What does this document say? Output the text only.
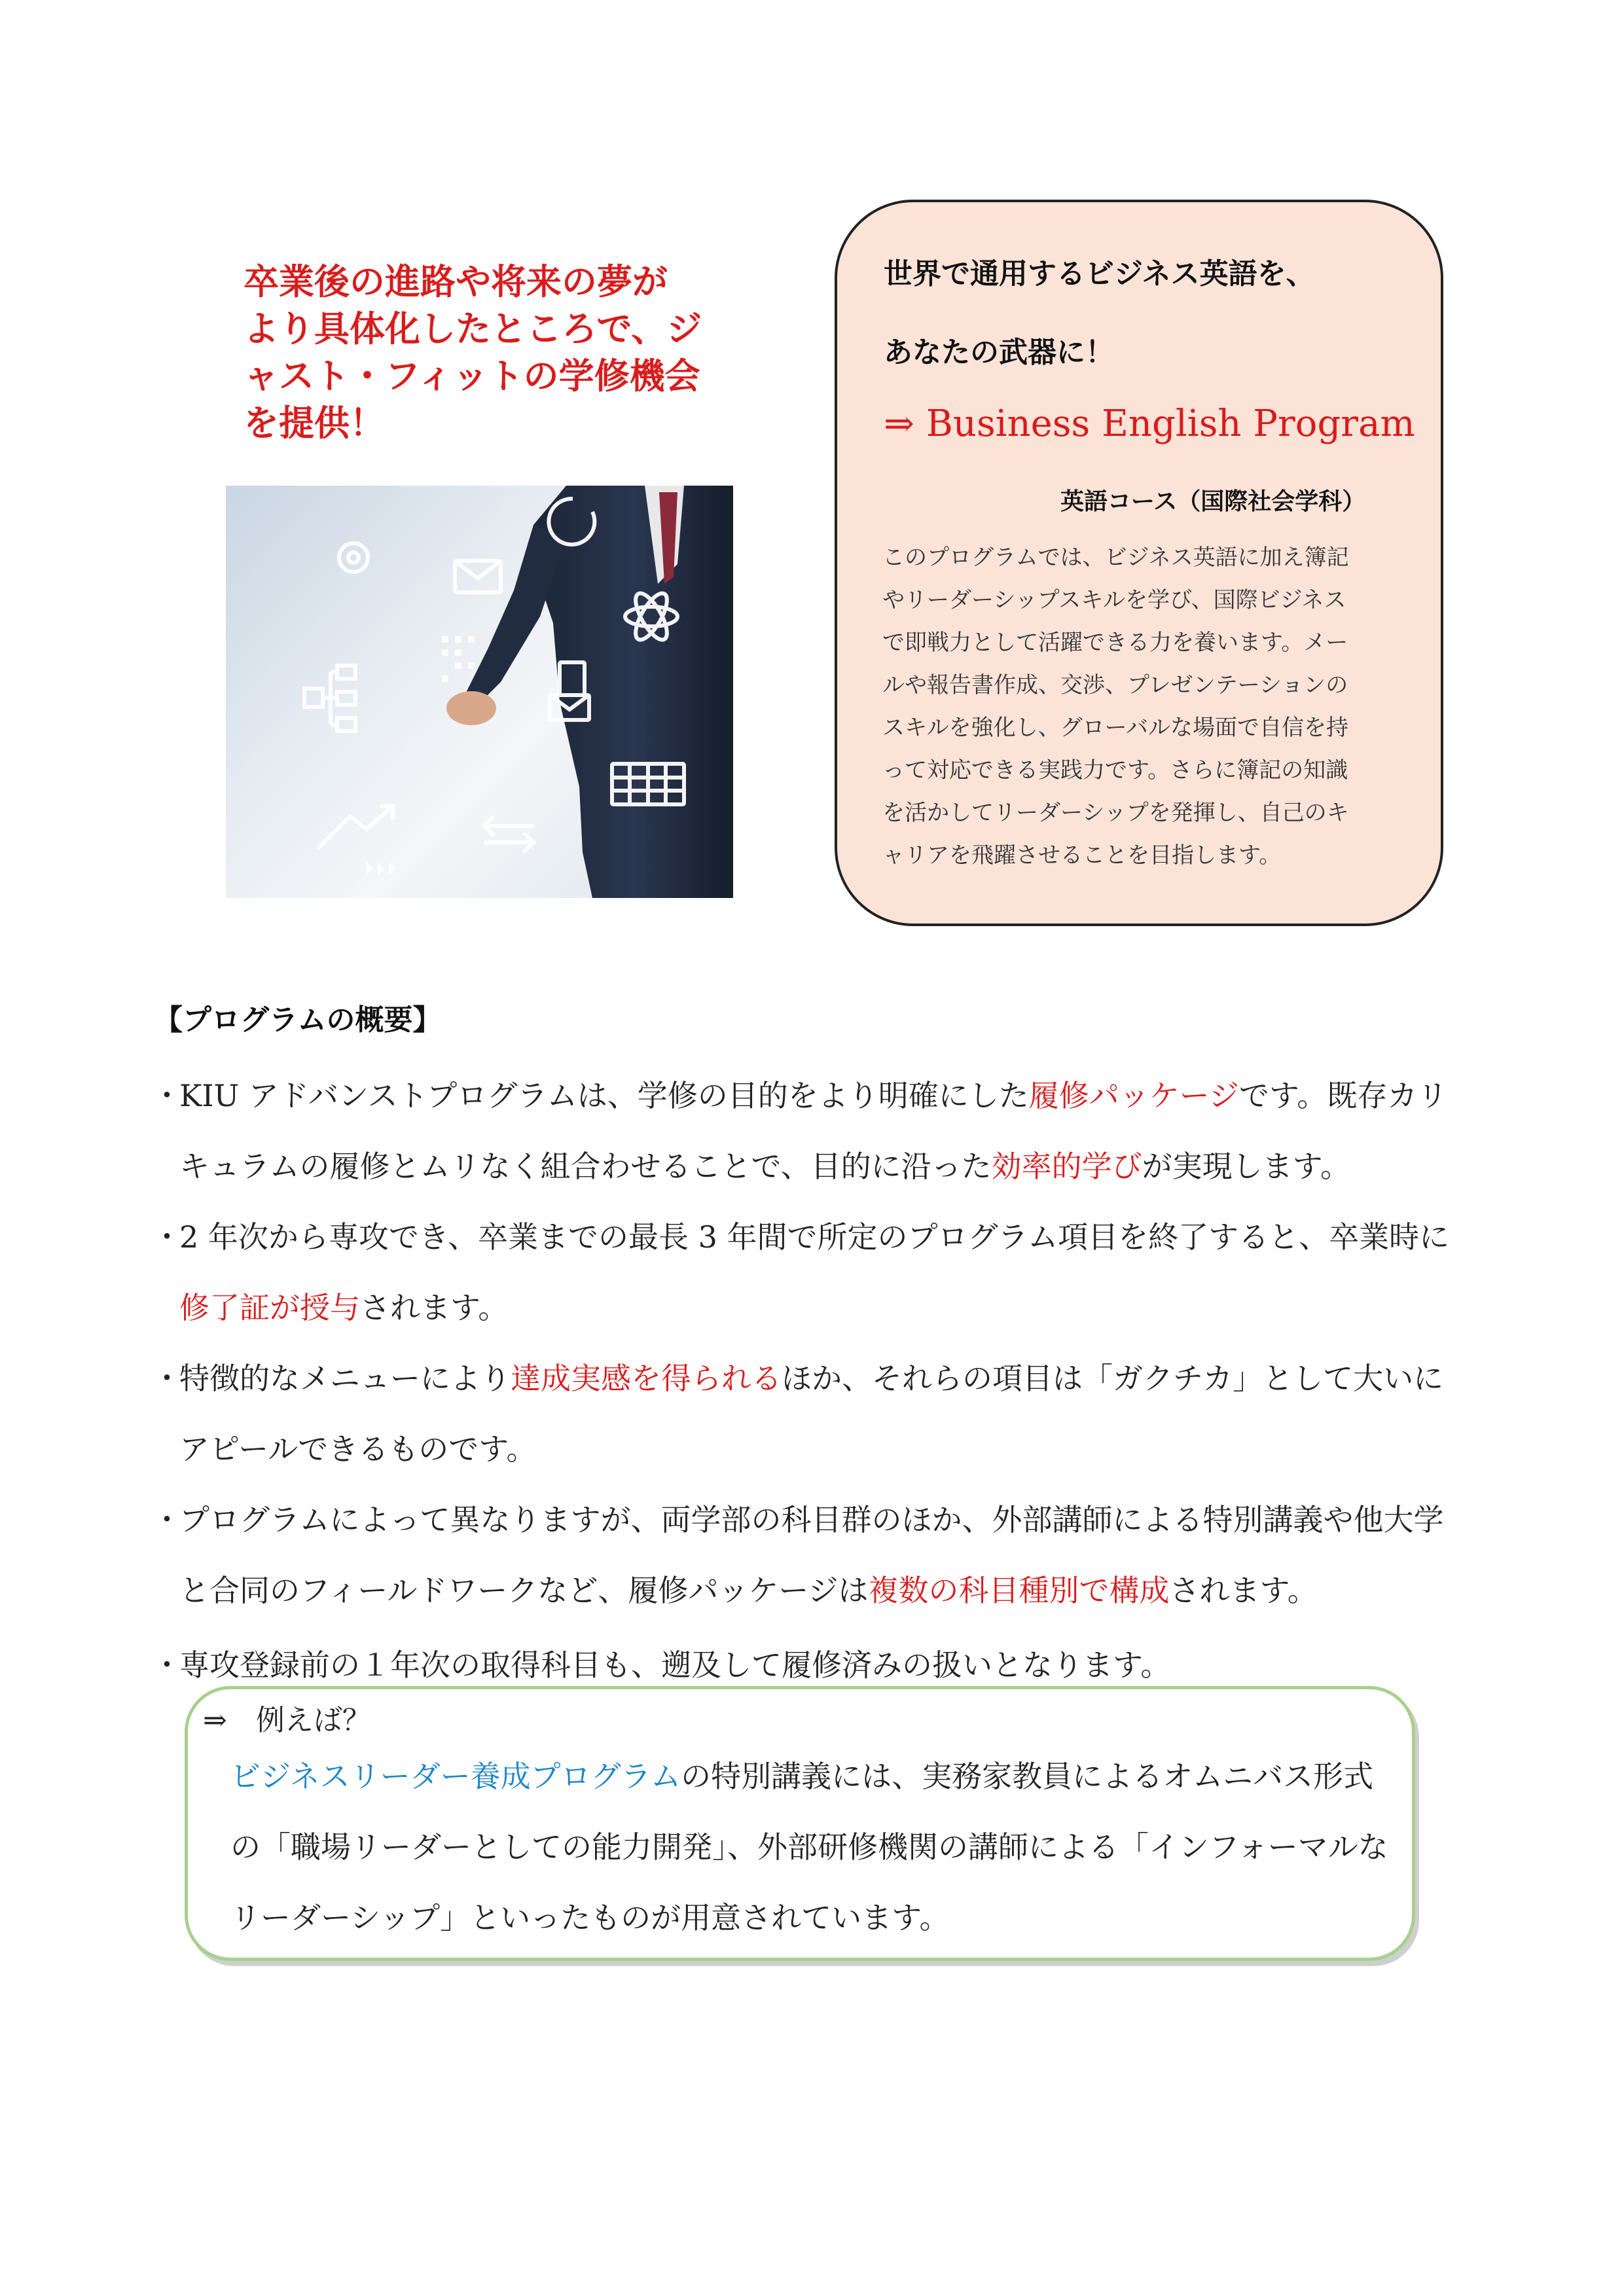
卒業後の進路や将来の夢が
より具体化したところで、ジ
ャスト・フィットの学修機会
を提供！
世界で通用するビジネス英語を、
あなたの武器に！
⇒ Business English Program
英語コース（国際社会学科）
このプログラムでは、ビジネス英語に加え簿記
やリーダーシップスキルを学び、国際ビジネス
で即戦力として活躍できる力を養います。メー
ルや報告書作成、交渉、プレゼンテーションの
スキルを強化し、グローバルな場面で自信を持
って対応できる実践力です。さらに簿記の知識
を活かしてリーダーシップを発揮し、自己のキ
ャリアを飛躍させることを目指します。
【プログラムの概要】
・
KIU アドバンストプログラムは、学修の目的をより明確にした履修パッケージです。既存カリ
キュラムの履修とムリなく組合わせることで、目的に沿った効率的学びが実現します。
・
2 年次から専攻でき、卒業までの最長 3 年間で所定のプログラム項目を終了すると、卒業時に
修了証が授与されます。
・
特徴的なメニューにより達成実感を得られるほか、それらの項目は「ガクチカ」として大いに
アピールできるものです。
・
プログラムによって異なりますが、両学部の科目群のほか、外部講師による特別講義や他大学
と合同のフィールドワークなど、履修パッケージは複数の科目種別で構成されます。
・
専攻登録前の１年次の取得科目も、遡及して履修済みの扱いとなります。
⇒　例えば？
ビジネスリーダー養成プログラムの特別講義には、実務家教員によるオムニバス形式
の「職場リーダーとしての能力開発」、外部研修機関の講師による「インフォーマルな
リーダーシップ」といったものが用意されています。
